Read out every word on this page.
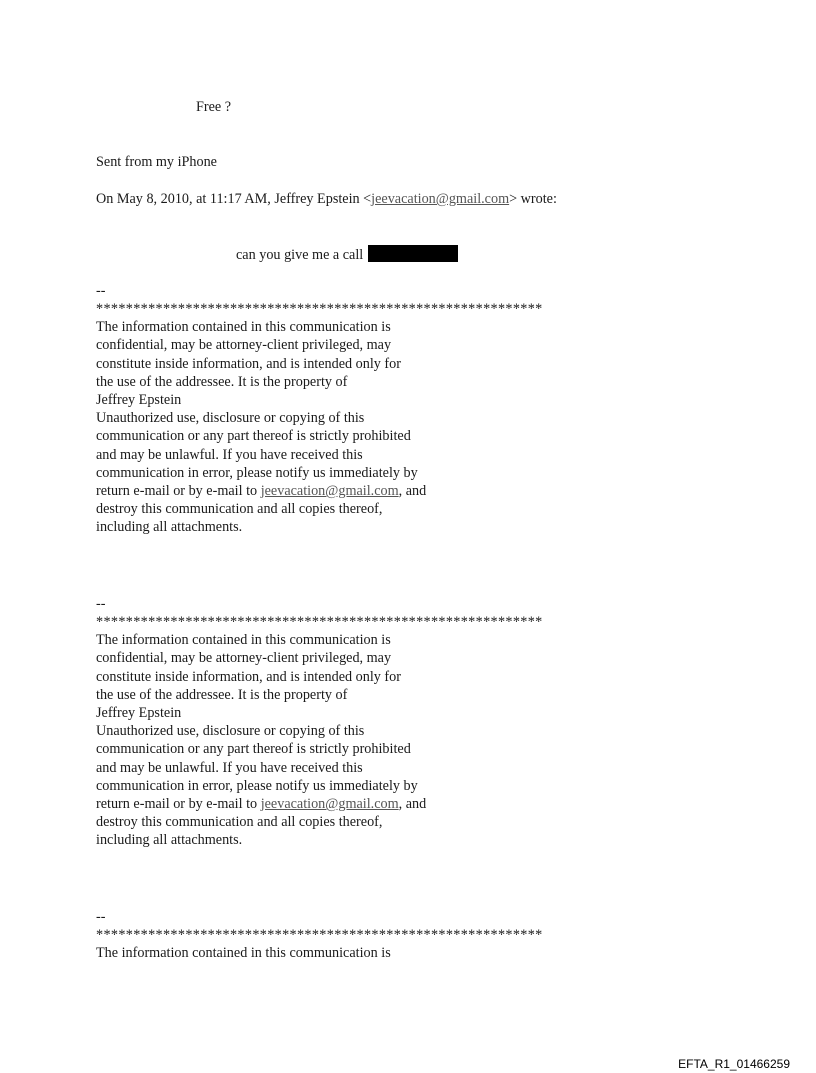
Free ?
Sent from my iPhone
On May 8, 2010, at 11:17 AM, Jeffrey Epstein <jeevacation@gmail.com> wrote:
can you give me a call
--
************************************************************
The information contained in this communication is
confidential, may be attorney-client privileged, may
constitute inside information, and is intended only for
the use of the addressee. It is the property of
Jeffrey Epstein
Unauthorized use, disclosure or copying of this
communication or any part thereof is strictly prohibited
and may be unlawful. If you have received this
communication in error, please notify us immediately by
return e-mail or by e-mail to jeevacation@gmail.com, and
destroy this communication and all copies thereof,
including all attachments.
--
************************************************************
The information contained in this communication is
confidential, may be attorney-client privileged, may
constitute inside information, and is intended only for
the use of the addressee. It is the property of
Jeffrey Epstein
Unauthorized use, disclosure or copying of this
communication or any part thereof is strictly prohibited
and may be unlawful. If you have received this
communication in error, please notify us immediately by
return e-mail or by e-mail to jeevacation@gmail.com, and
destroy this communication and all copies thereof,
including all attachments.
--
************************************************************
The information contained in this communication is
EFTA_R1_01466259
